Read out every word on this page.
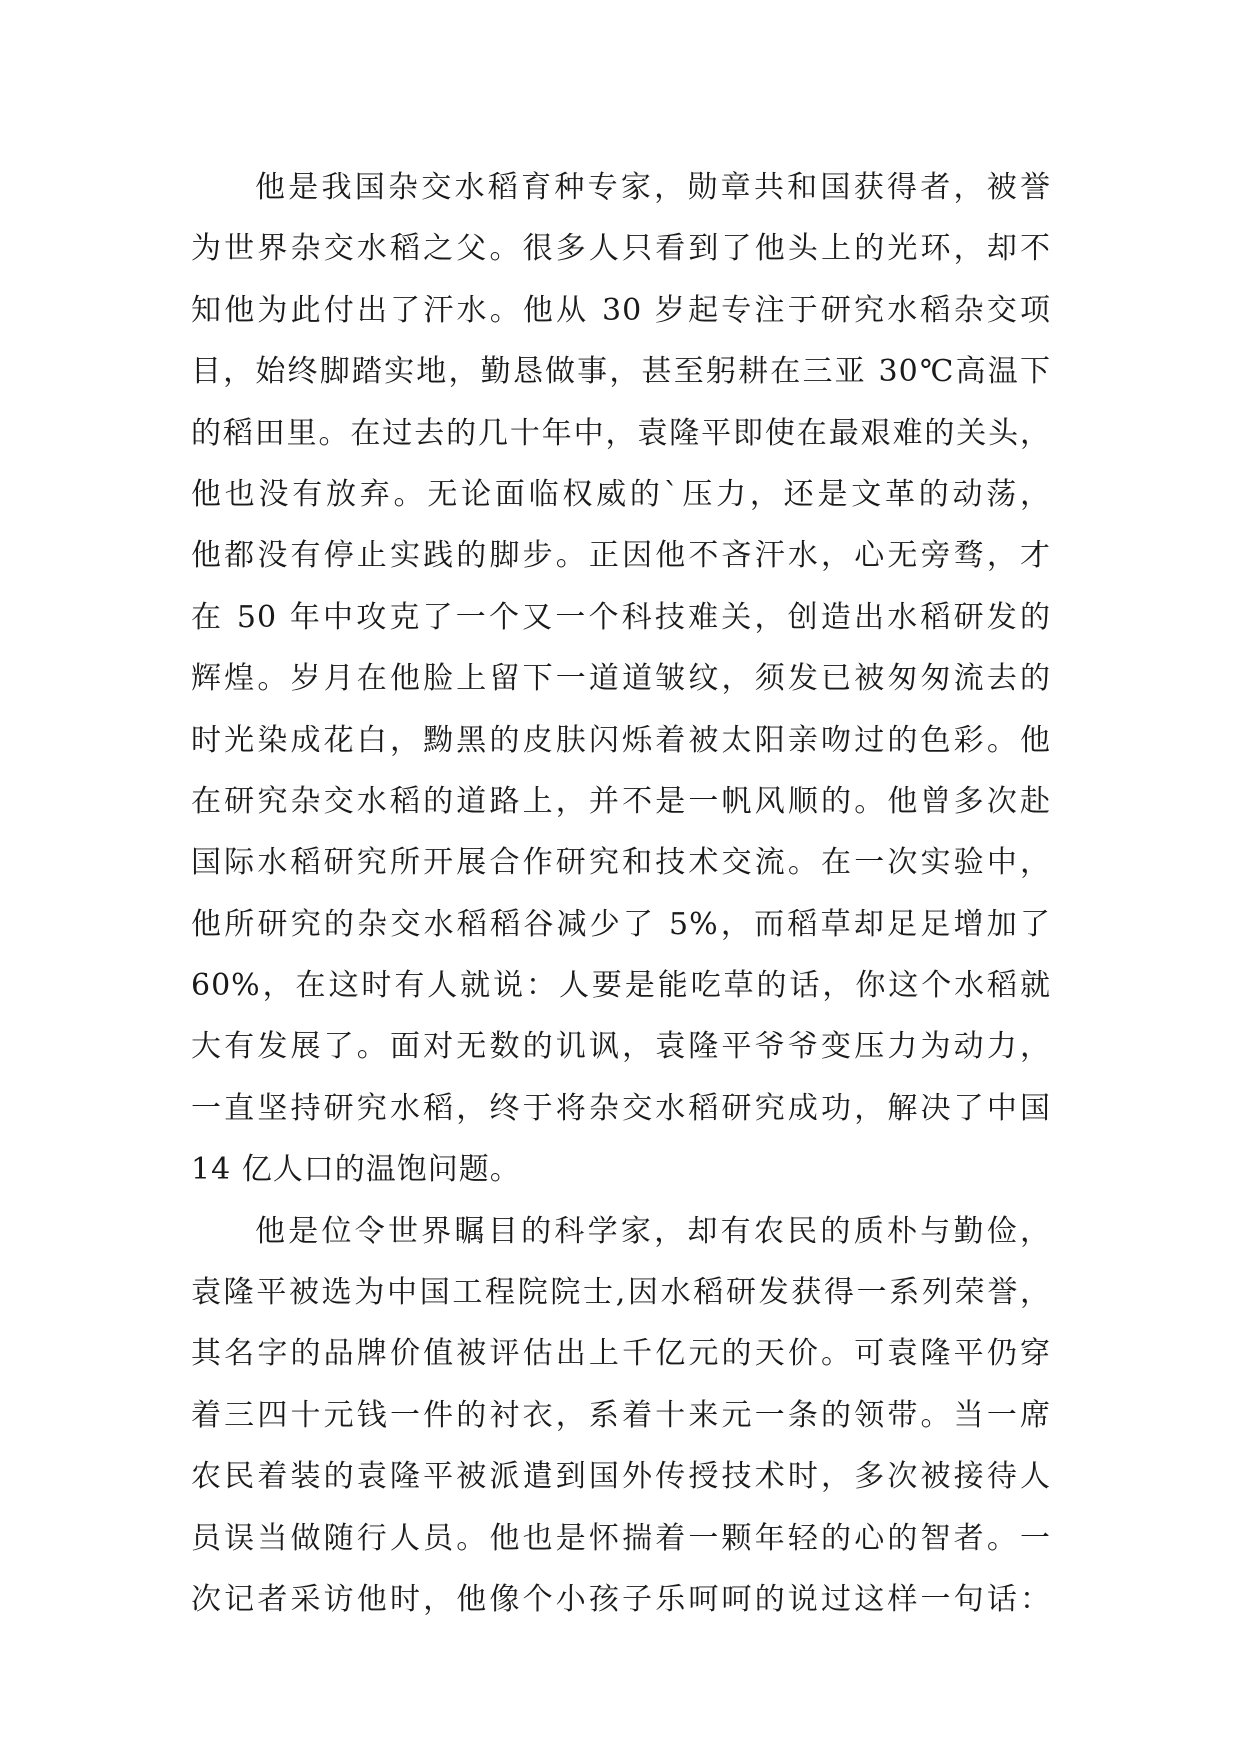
他是我国杂交水稻育种专家，勋章共和国获得者，被誉
为世界杂交水稻之父。很多人只看到了他头上的光环，却不
知他为此付出了汗水。他从 30 岁起专注于研究水稻杂交项
目，始终脚踏实地，勤恳做事，甚至躬耕在三亚 30℃高温下
的稻田里。在过去的几十年中，袁隆平即使在最艰难的关头，
他也没有放弃。无论面临权威的`压力，还是文革的动荡，
他都没有停止实践的脚步。正因他不吝汗水，心无旁骛，才
在 50 年中攻克了一个又一个科技难关，创造出水稻研发的
辉煌。岁月在他脸上留下一道道皱纹，须发已被匆匆流去的
时光染成花白，黝黑的皮肤闪烁着被太阳亲吻过的色彩。他
在研究杂交水稻的道路上，并不是一帆风顺的。他曾多次赴
国际水稻研究所开展合作研究和技术交流。在一次实验中，
他所研究的杂交水稻稻谷减少了 5%，而稻草却足足增加了
60%，在这时有人就说：人要是能吃草的话，你这个水稻就
大有发展了。面对无数的讥讽，袁隆平爷爷变压力为动力，
一直坚持研究水稻，终于将杂交水稻研究成功，解决了中国
14 亿人口的温饱问题。
他是位令世界瞩目的科学家，却有农民的质朴与勤俭，
袁隆平被选为中国工程院院士,因水稻研发获得一系列荣誉，
其名字的品牌价值被评估出上千亿元的天价。可袁隆平仍穿
着三四十元钱一件的衬衣，系着十来元一条的领带。当一席
农民着装的袁隆平被派遣到国外传授技术时，多次被接待人
员误当做随行人员。他也是怀揣着一颗年轻的心的智者。一
次记者采访他时，他像个小孩子乐呵呵的说过这样一句话：
